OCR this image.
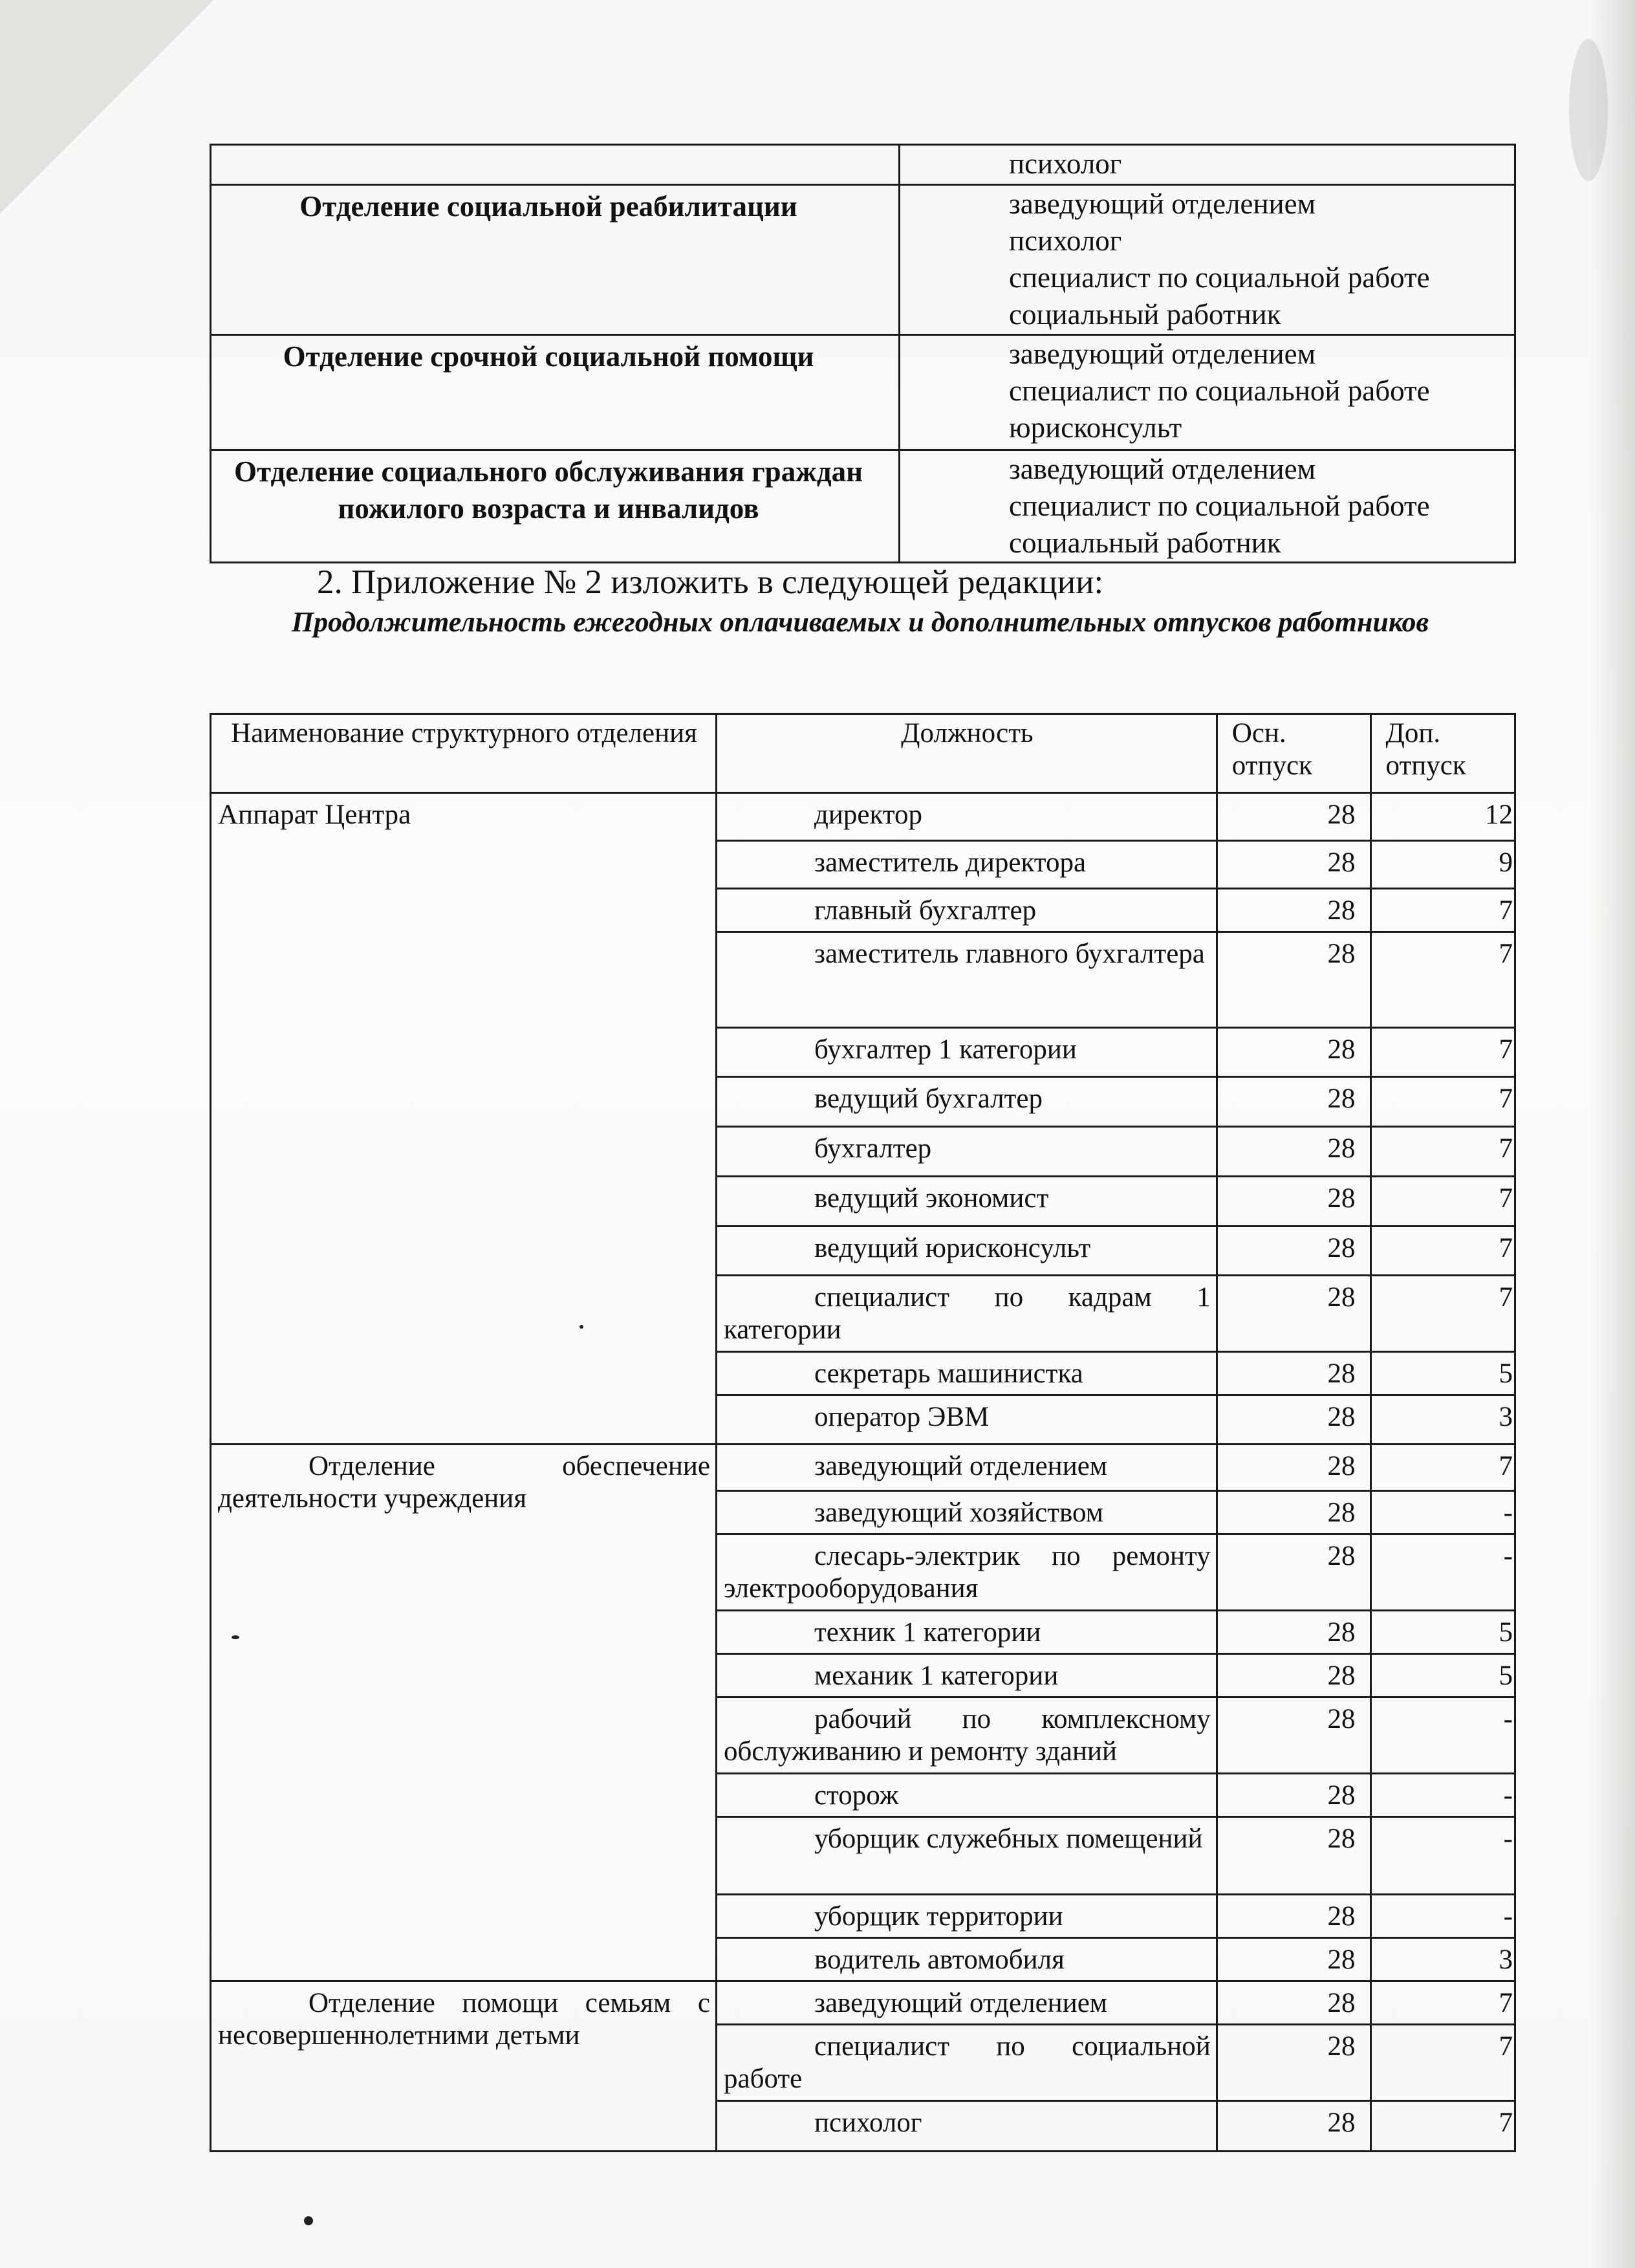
	психолог

Отделение социальной реабилитации	заведующий отделением
психолог
специалист по социальной работе
социальный работник

Отделение срочной социальной помощи	заведующий отделением
специалист по социальной работе
юрисконсульт

Отделение социального обслуживания граждан пожилого возраста и инвалидов	заведующий отделением
специалист по социальной работе
социальный работник
2. Приложение № 2 изложить в следующей редакции:
Продолжительность ежегодных оплачиваемых и дополнительных отпусков работников
Наименование структурного отделения	Должность	Осн. отпуск	Доп. отпуск
Аппарат Центра	директор	28	12
	заместитель директора	28	9
	главный бухгалтер	28	7
	заместитель главного бухгалтера	28	7
	бухгалтер 1 категории	28	7
	ведущий бухгалтер	28	7
	бухгалтер	28	7
	ведущий экономист	28	7
	ведущий юрисконсульт	28	7
	специалист по кадрам 1 категории	28	7
	секретарь машинистка	28	5
	оператор ЭВМ	28	3
Отделение обеспечение деятельности учреждения	заведующий отделением	28	7
	заведующий хозяйством	28	-
	слесарь-электрик по ремонту электрооборудования	28	-
	техник 1 категории	28	5
	механик 1 категории	28	5
	рабочий по комплексному обслуживанию и ремонту зданий	28	-
	сторож	28	-
	уборщик служебных помещений	28	-
	уборщик территории	28	-
	водитель автомобиля	28	3
Отделение помощи семьям с несовершеннолетними детьми	заведующий отделением	28	7
	специалист по социальной работе	28	7
	психолог	28	7
